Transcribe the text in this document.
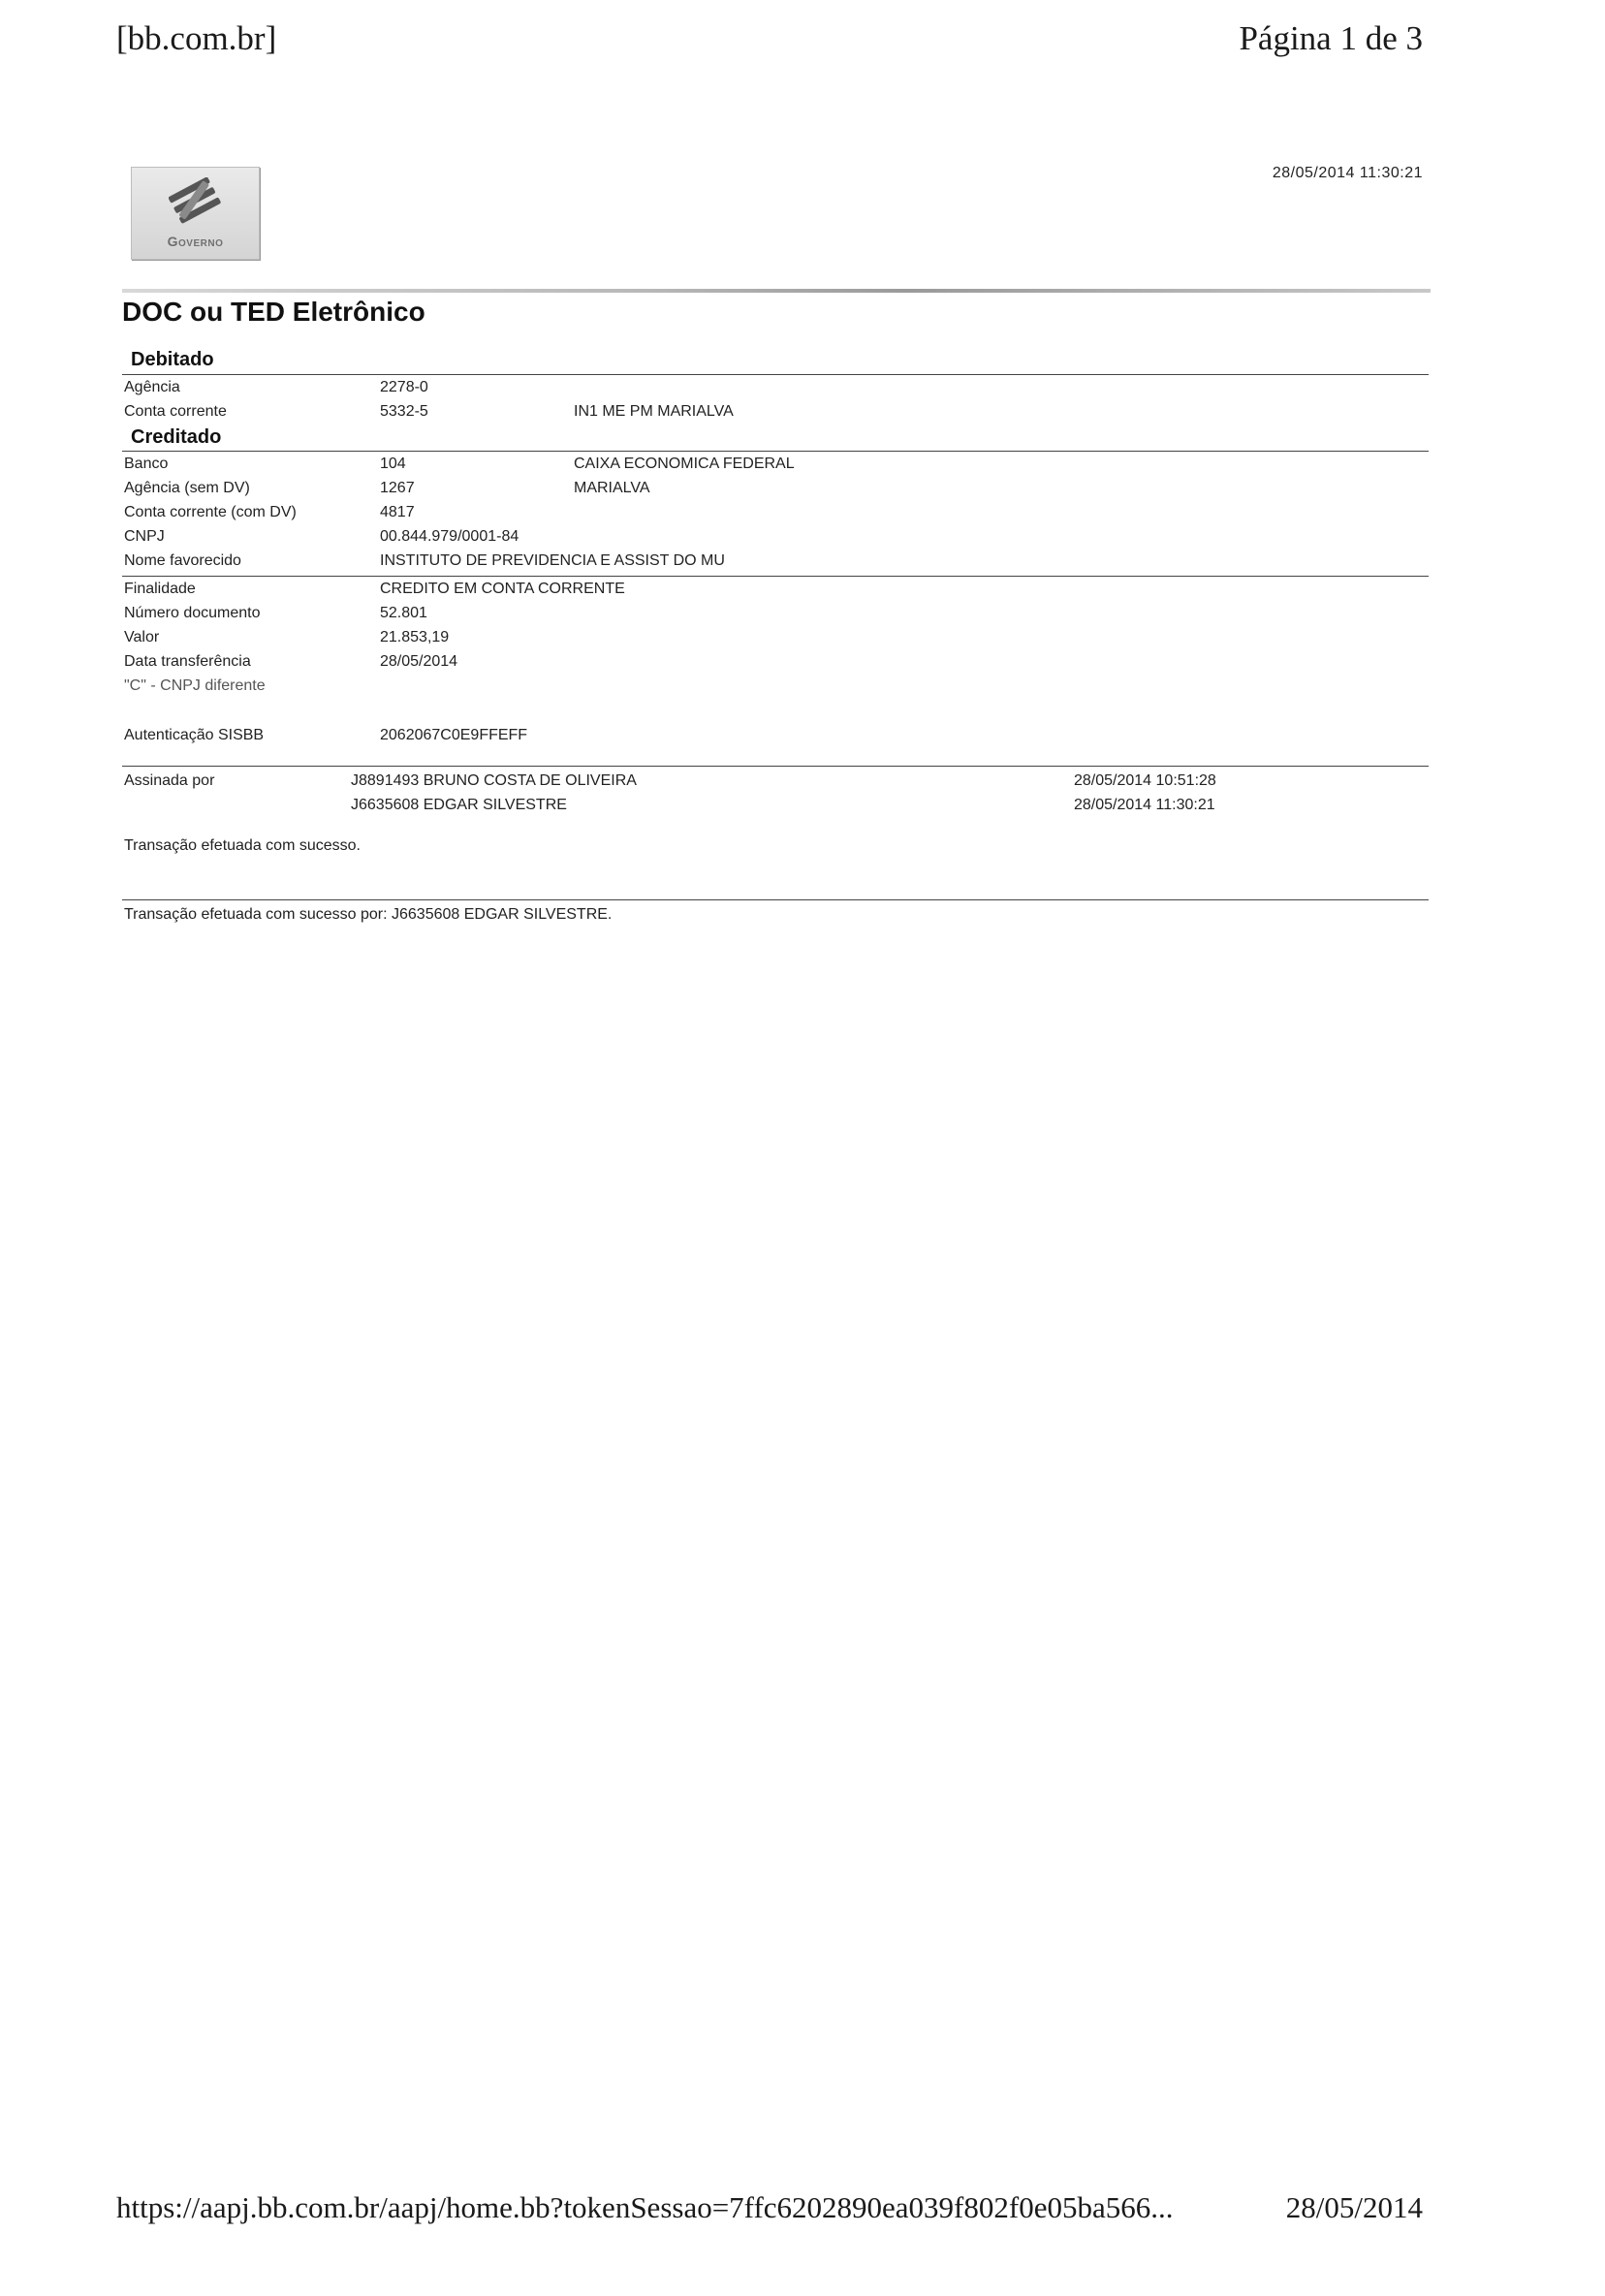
[bb.com.br]	Página 1 de 3
28/05/2014 11:30:21
Governo
DOC ou TED Eletrônico
Debitado
Agência	2278-0
Conta corrente	5332-5	IN1 ME PM MARIALVA
Creditado
Banco	104	CAIXA ECONOMICA FEDERAL
Agência (sem DV)	1267	MARIALVA
Conta corrente (com DV)	4817
CNPJ	00.844.979/0001-84
Nome favorecido	INSTITUTO DE PREVIDENCIA E ASSIST DO MU
Finalidade	CREDITO EM CONTA CORRENTE
Número documento	52.801
Valor	21.853,19
Data transferência	28/05/2014
"C" - CNPJ diferente
Autenticação SISBB	2062067C0E9FFEFF
Assinada por	J8891493 BRUNO COSTA DE OLIVEIRA	28/05/2014 10:51:28
J6635608 EDGAR SILVESTRE	28/05/2014 11:30:21
Transação efetuada com sucesso.
Transação efetuada com sucesso por: J6635608 EDGAR SILVESTRE.
https://aapj.bb.com.br/aapj/home.bb?tokenSessao=7ffc6202890ea039f802f0e05ba566...	28/05/2014
